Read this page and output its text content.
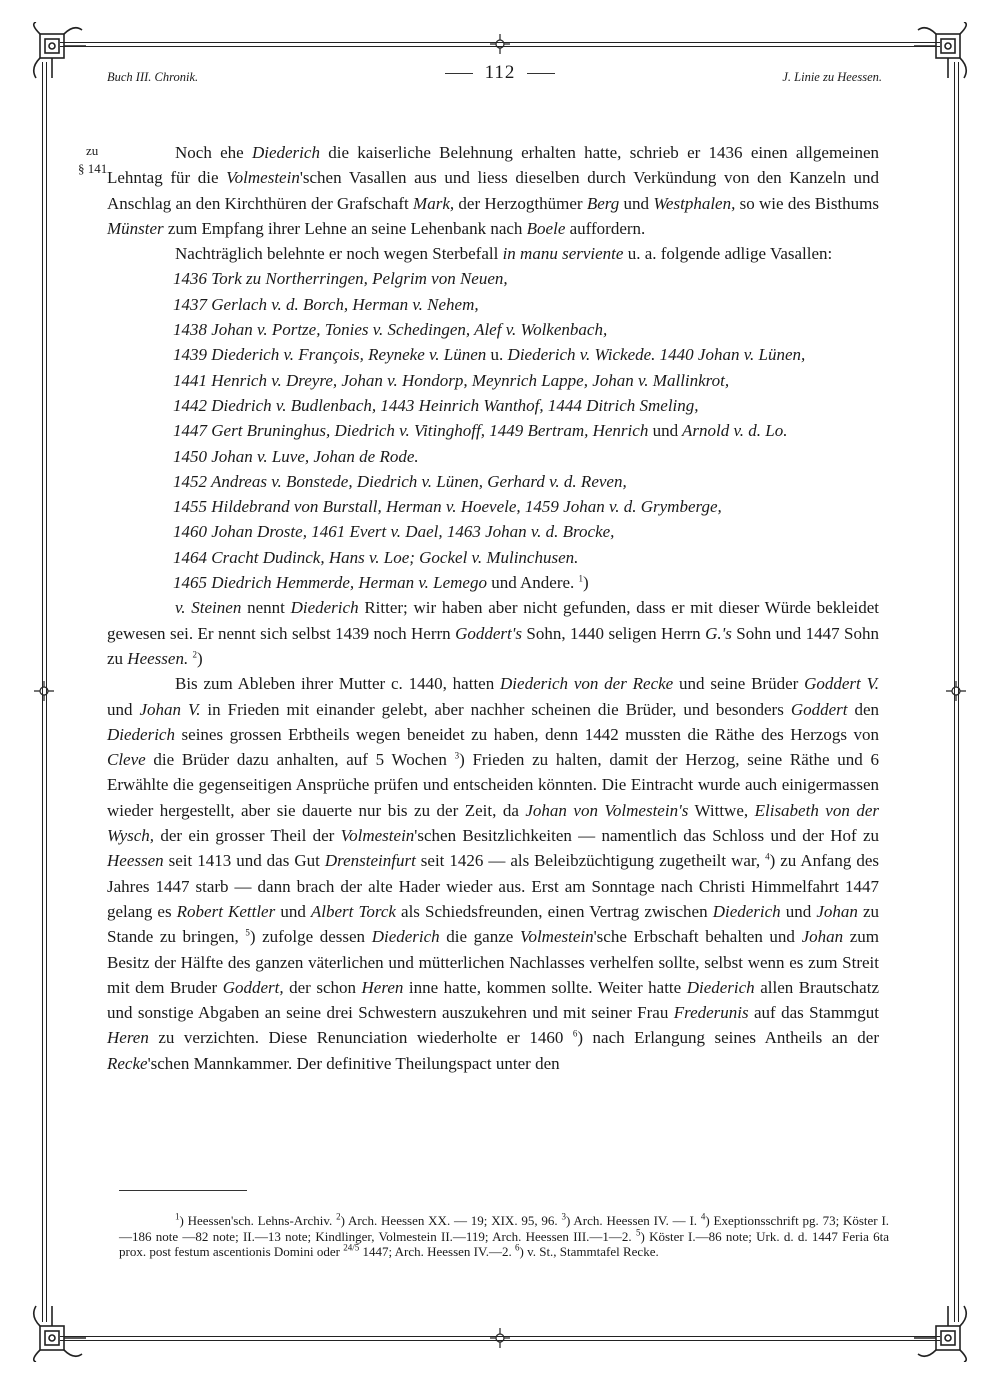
Buch III. Chronik.	112	J. Linie zu Heessen.
zu
§ 141

Noch ehe Diederich die kaiserliche Belehnung erhalten hatte, schrieb er 1436 einen allgemeinen Lehntag für die Volmestein'schen Vasallen aus und liess dieselben durch Verkündung von den Kanzeln und Anschlag an den Kirchthüren der Grafschaft Mark, der Herzogthümer Berg und Westphalen, so wie des Bisthums Münster zum Empfang ihrer Lehne an seine Lehenbank nach Boele auffordern.

Nachträglich belehnte er noch wegen Sterbefall in manu serviente u. a. folgende adlige Vasallen:

1436 Tork zu Northerringen, Pelgrim von Neuen,
1437 Gerlach v. d. Borch, Herman v. Nehem,
1438 Johan v. Portze, Tonies v. Schedingen, Alef v. Wolkenbach,
1439 Diederich v. François, Reyneke v. Lünen u. Diederich v. Wickede. 1440 Johan v. Lünen,
1441 Henrich v. Dreyre, Johan v. Hondorp, Meynrich Lappe, Johan v. Mallinkrot,
1442 Diedrich v. Budlenbach, 1443 Heinrich Wanthof, 1444 Ditrich Smeling,
1447 Gert Bruninghus, Diedrich v. Vitinghoff, 1449 Bertram, Henrich und Arnold v. d. Lo.
1450 Johan v. Luve, Johan de Rode.
1452 Andreas v. Bonstede, Diedrich v. Lünen, Gerhard v. d. Reven,
1455 Hildebrand von Burstall, Herman v. Hoevele, 1459 Johan v. d. Grymberge,
1460 Johan Droste, 1461 Evert v. Dael, 1463 Johan v. d. Brocke,
1464 Cracht Dudinck, Hans v. Loe; Gockel v. Mulinchusen.
1465 Diedrich Hemmerde, Herman v. Lemego und Andere. $^1$)

v. Steinen nennt Diederich Ritter; wir haben aber nicht gefunden, dass er mit dieser Würde bekleidet gewesen sei. Er nennt sich selbst 1439 noch Herrn Goddert's Sohn, 1440 seligen Herrn G.'s Sohn und 1447 Sohn zu Heessen. $^2$)

Bis zum Ableben ihrer Mutter c. 1440, hatten Diederich von der Recke und seine Brüder Goddert V. und Johan V. in Frieden mit einander gelebt, aber nachher scheinen die Brüder, und besonders Goddert den Diederich seines grossen Erbtheils wegen beneidet zu haben, denn 1442 mussten die Räthe des Herzogs von Cleve die Brüder dazu anhalten, auf 5 Wochen $^3$) Frieden zu halten, damit der Herzog, seine Räthe und 6 Erwählte die gegenseitigen Ansprüche prüfen und entscheiden könnten. Die Eintracht wurde auch einigermassen wieder hergestellt, aber sie dauerte nur bis zu der Zeit, da Johan von Volmestein's Wittwe, Elisabeth von der Wysch, der ein grosser Theil der Volmestein'schen Besitzlichkeiten — namentlich das Schloss und der Hof zu Heessen seit 1413 und das Gut Drensteinfurt seit 1426 — als Beleibzüchtigung zugetheilt war, $^4$) zu Anfang des Jahres 1447 starb — dann brach der alte Hader wieder aus. Erst am Sonntage nach Christi Himmelfahrt 1447 gelang es Robert Kettler und Albert Torck als Schiedsfreunden, einen Vertrag zwischen Diederich und Johan zu Stande zu bringen, $^5$) zufolge dessen Diederich die ganze Volmestein'sche Erbschaft behalten und Johan zum Besitz der Hälfte des ganzen väterlichen und mütterlichen Nachlasses verhelfen sollte, selbst wenn es zum Streit mit dem Bruder Goddert, der schon Heren inne hatte, kommen sollte. Weiter hatte Diederich allen Brautschatz und sonstige Abgaben an seine drei Schwestern auszukehren und mit seiner Frau Frederunis auf das Stammgut Heren zu verzichten. Diese Renunciation wiederholte er 1460 $^6$) nach Erlangung seines Antheils an der Recke'schen Mannkammer. Der definitive Theilungspact unter den

$^1$) Heessen'sch. Lehns-Archiv. $^2$) Arch. Heessen XX. — 19; XIX. 95, 96. $^3$) Arch. Heessen IV. — I. $^4$) Exeptionsschrift pg. 73; Köster I.—186 note —82 note; II.—13 note; Kindlinger, Volmestein II.—119; Arch. Heessen III.—1—2. $^5$) Köster I.—86 note; Urk. d. d. 1447 Feria 6ta prox. post festum ascentionis Domini oder $^{24/5}$ 1447; Arch. Heessen IV.—2. $^6$) v. St., Stammtafel Recke.
